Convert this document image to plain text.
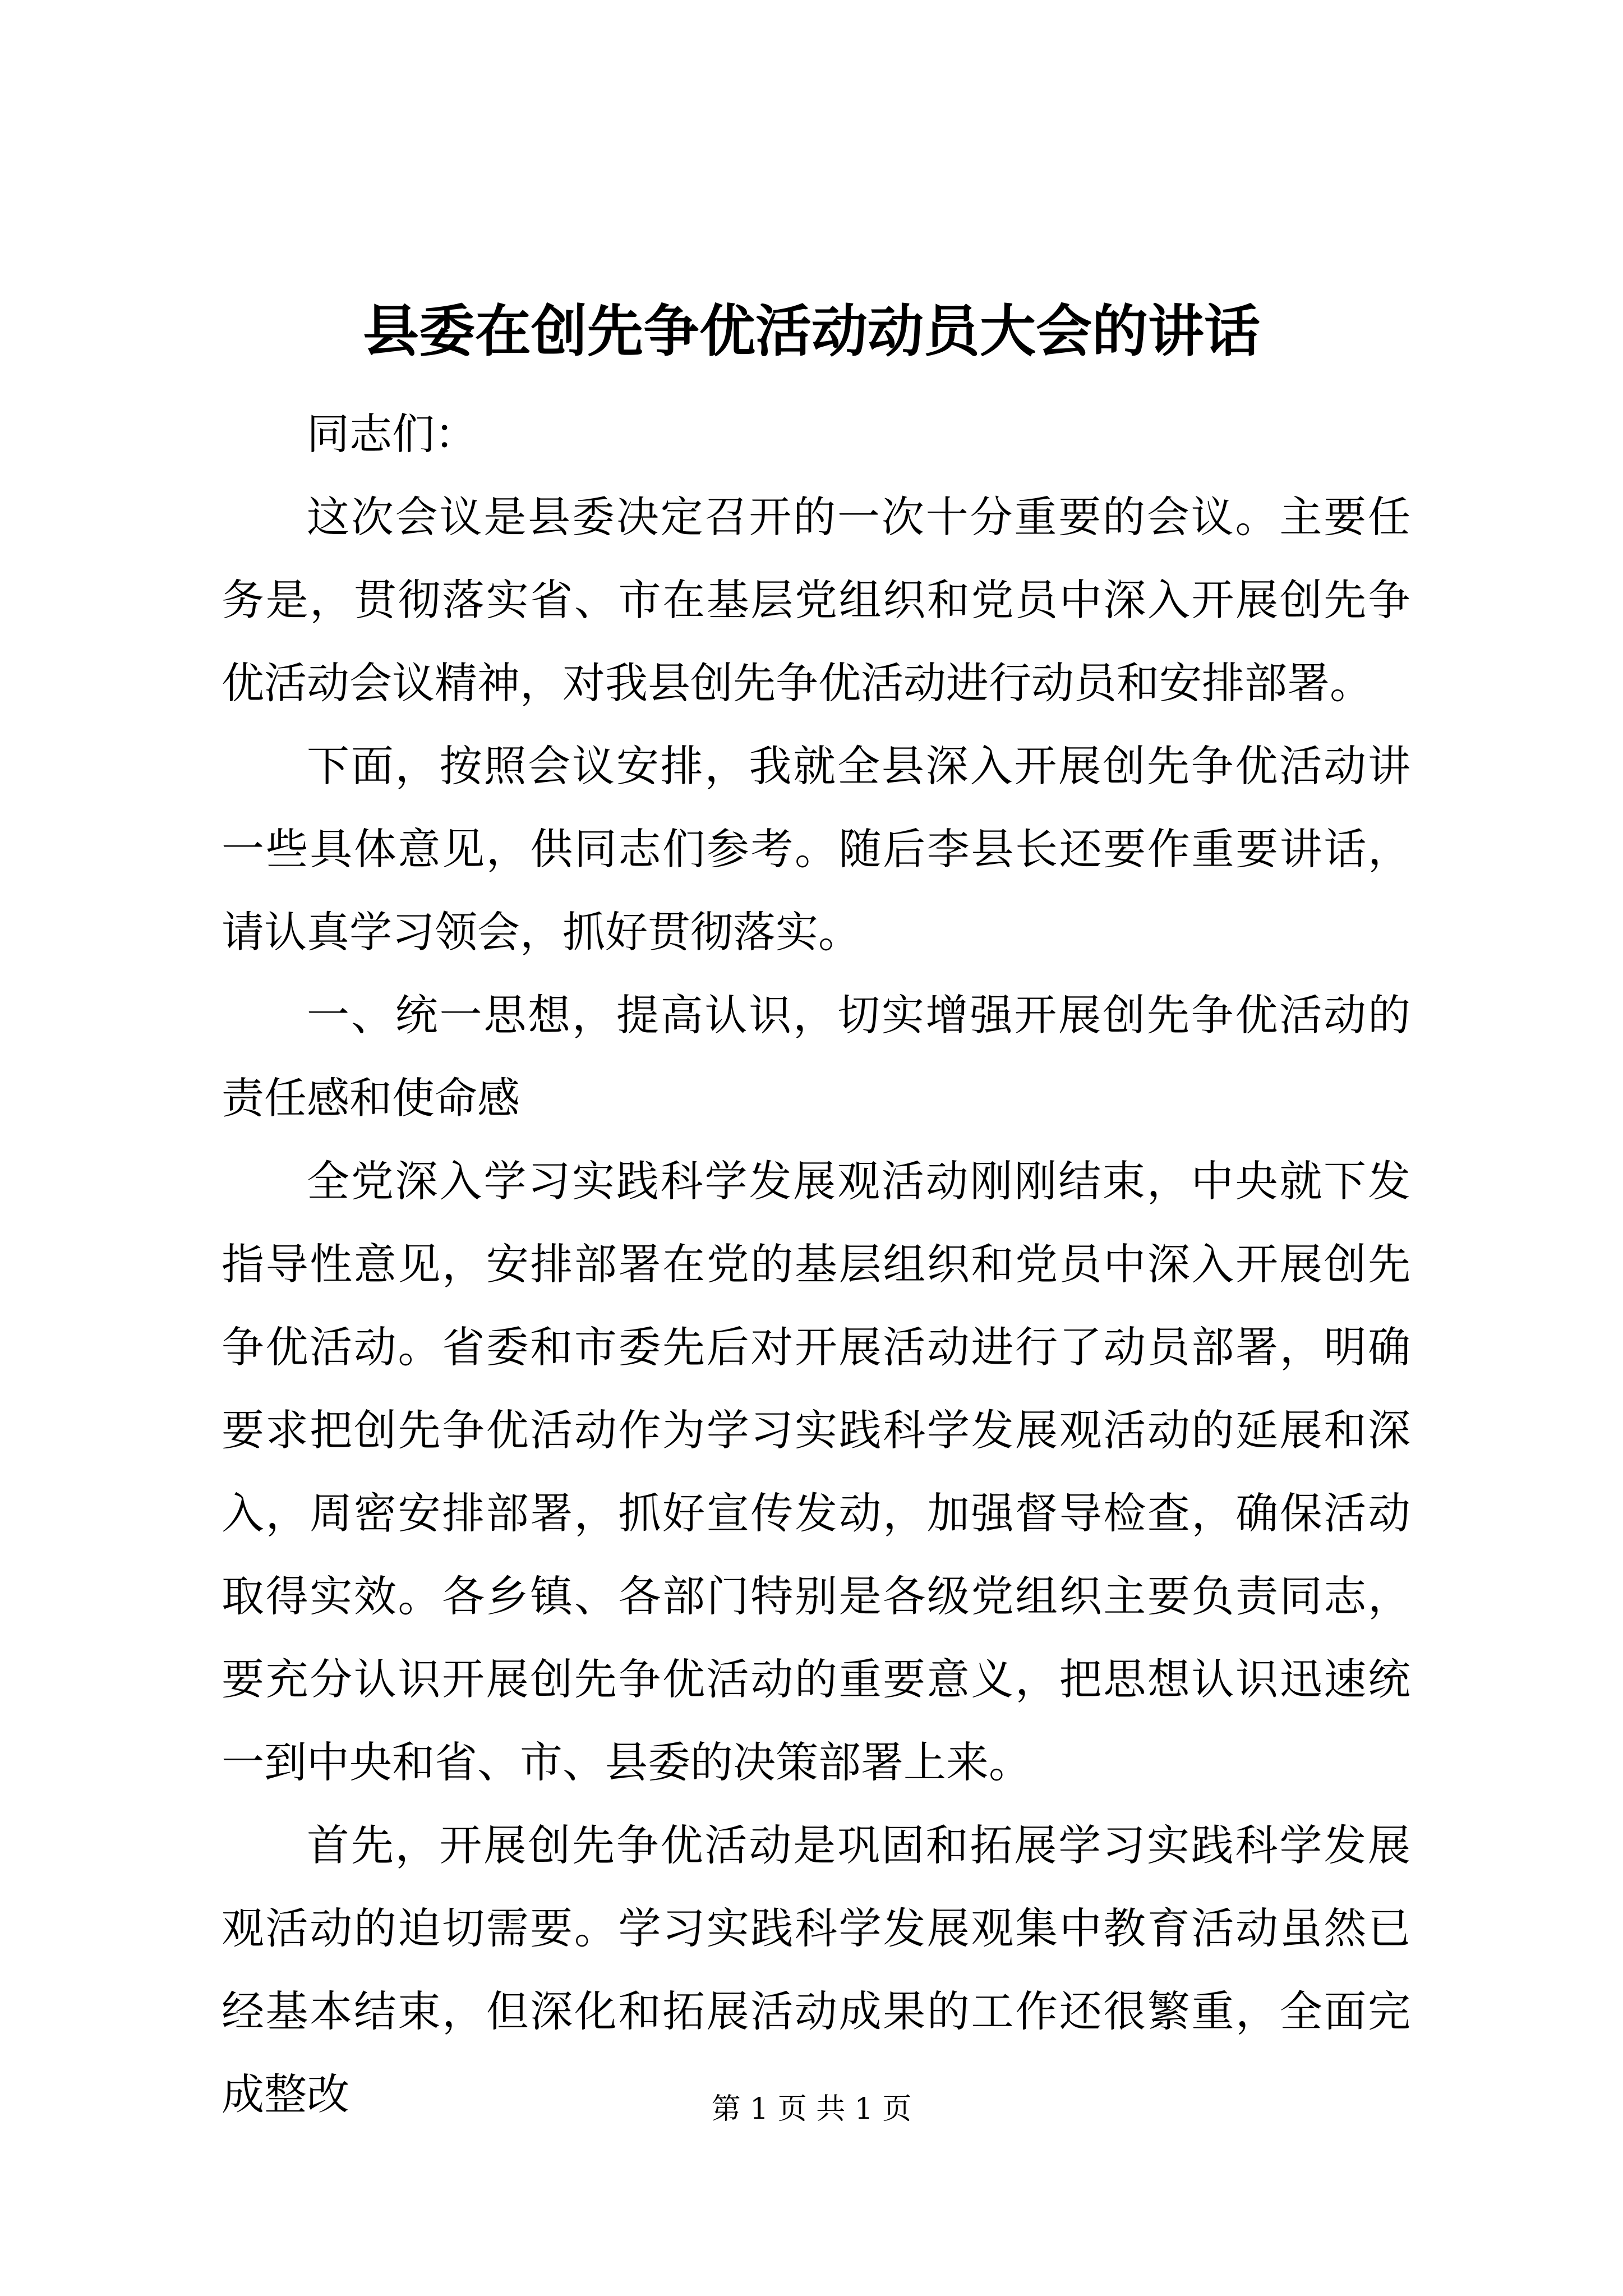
县委在创先争优活动动员大会的讲话

同志们：

这次会议是县委决定召开的一次十分重要的会议。主要任务是，贯彻落实省、市在基层党组织和党员中深入开展创先争优活动会议精神，对我县创先争优活动进行动员和安排部署。

下面，按照会议安排，我就全县深入开展创先争优活动讲一些具体意见，供同志们参考。随后李县长还要作重要讲话，请认真学习领会，抓好贯彻落实。

一、统一思想，提高认识，切实增强开展创先争优活动的责任感和使命感

全党深入学习实践科学发展观活动刚刚结束，中央就下发指导性意见，安排部署在党的基层组织和党员中深入开展创先争优活动。省委和市委先后对开展活动进行了动员部署，明确要求把创先争优活动作为学习实践科学发展观活动的延展和深入，周密安排部署，抓好宣传发动，加强督导检查，确保活动取得实效。各乡镇、各部门特别是各级党组织主要负责同志，要充分认识开展创先争优活动的重要意义，把思想认识迅速统一到中央和省、市、县委的决策部署上来。

首先，开展创先争优活动是巩固和拓展学习实践科学发展观活动的迫切需要。学习实践科学发展观集中教育活动虽然已经基本结束，但深化和拓展活动成果的工作还很繁重，全面完成整改	第 1 页 共 1 页
